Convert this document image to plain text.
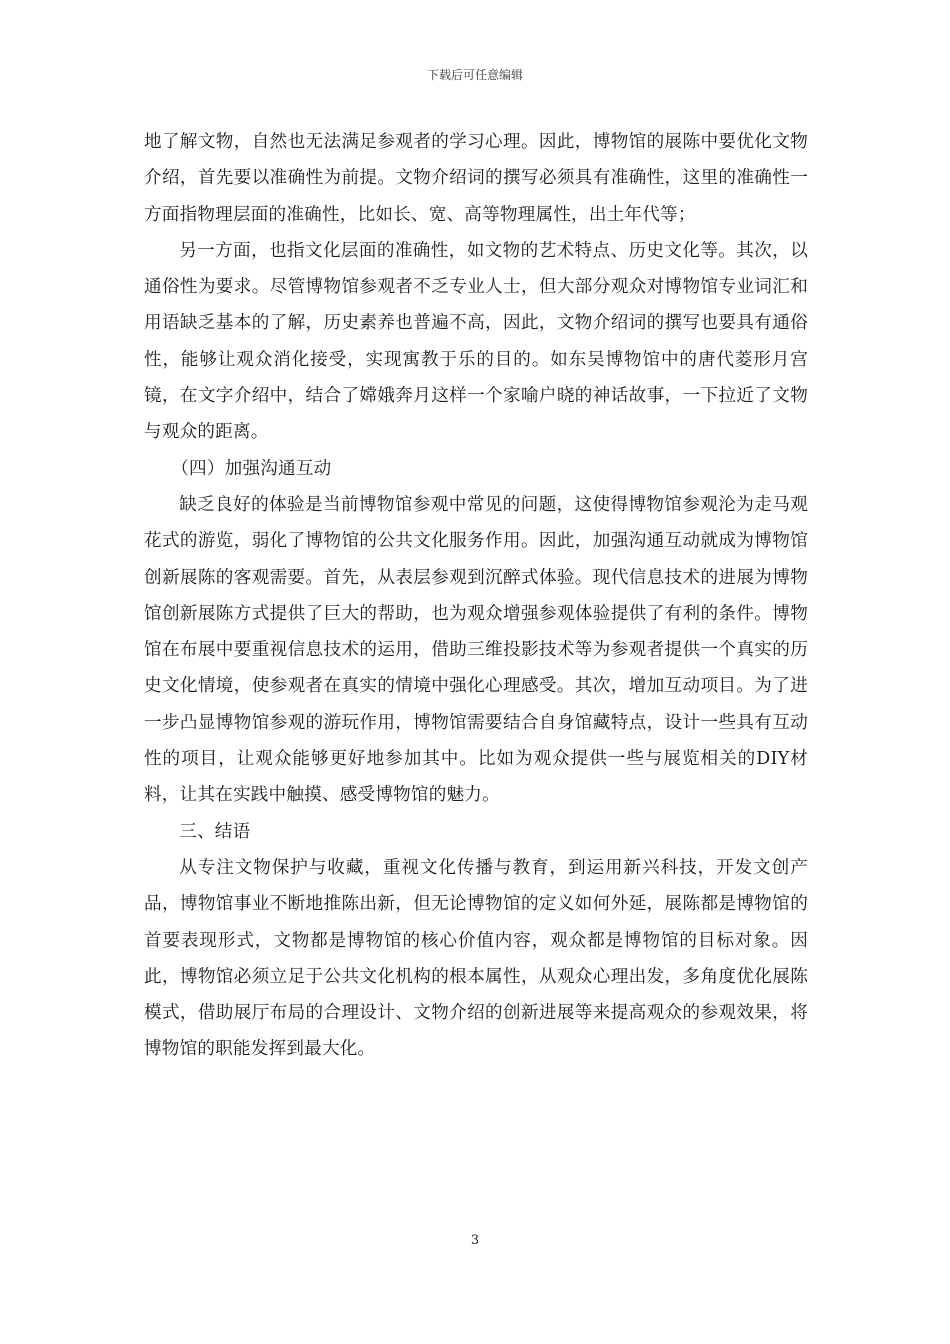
下载后可任意编辑

地了解文物，自然也无法满足参观者的学习心理。因此，博物馆的展陈中要优化文物介绍，首先要以准确性为前提。文物介绍词的撰写必须具有准确性，这里的准确性一方面指物理层面的准确性，比如长、宽、高等物理属性，出土年代等；

另一方面，也指文化层面的准确性，如文物的艺术特点、历史文化等。其次，以通俗性为要求。尽管博物馆参观者不乏专业人士，但大部分观众对博物馆专业词汇和用语缺乏基本的了解，历史素养也普遍不高，因此，文物介绍词的撰写也要具有通俗性，能够让观众消化接受，实现寓教于乐的目的。如东吴博物馆中的唐代菱形月宫镜，在文字介绍中，结合了嫦娥奔月这样一个家喻户晓的神话故事，一下拉近了文物与观众的距离。

（四）加强沟通互动

缺乏良好的体验是当前博物馆参观中常见的问题，这使得博物馆参观沦为走马观花式的游览，弱化了博物馆的公共文化服务作用。因此，加强沟通互动就成为博物馆创新展陈的客观需要。首先，从表层参观到沉醉式体验。现代信息技术的进展为博物馆创新展陈方式提供了巨大的帮助，也为观众增强参观体验提供了有利的条件。博物馆在布展中要重视信息技术的运用，借助三维投影技术等为参观者提供一个真实的历史文化情境，使参观者在真实的情境中强化心理感受。其次，增加互动项目。为了进一步凸显博物馆参观的游玩作用，博物馆需要结合自身馆藏特点，设计一些具有互动性的项目，让观众能够更好地参加其中。比如为观众提供一些与展览相关的DIY材料，让其在实践中触摸、感受博物馆的魅力。

三、结语

从专注文物保护与收藏，重视文化传播与教育，到运用新兴科技，开发文创产品，博物馆事业不断地推陈出新，但无论博物馆的定义如何外延，展陈都是博物馆的首要表现形式，文物都是博物馆的核心价值内容，观众都是博物馆的目标对象。因此，博物馆必须立足于公共文化机构的根本属性，从观众心理出发，多角度优化展陈模式，借助展厅布局的合理设计、文物介绍的创新进展等来提高观众的参观效果，将博物馆的职能发挥到最大化。

3
